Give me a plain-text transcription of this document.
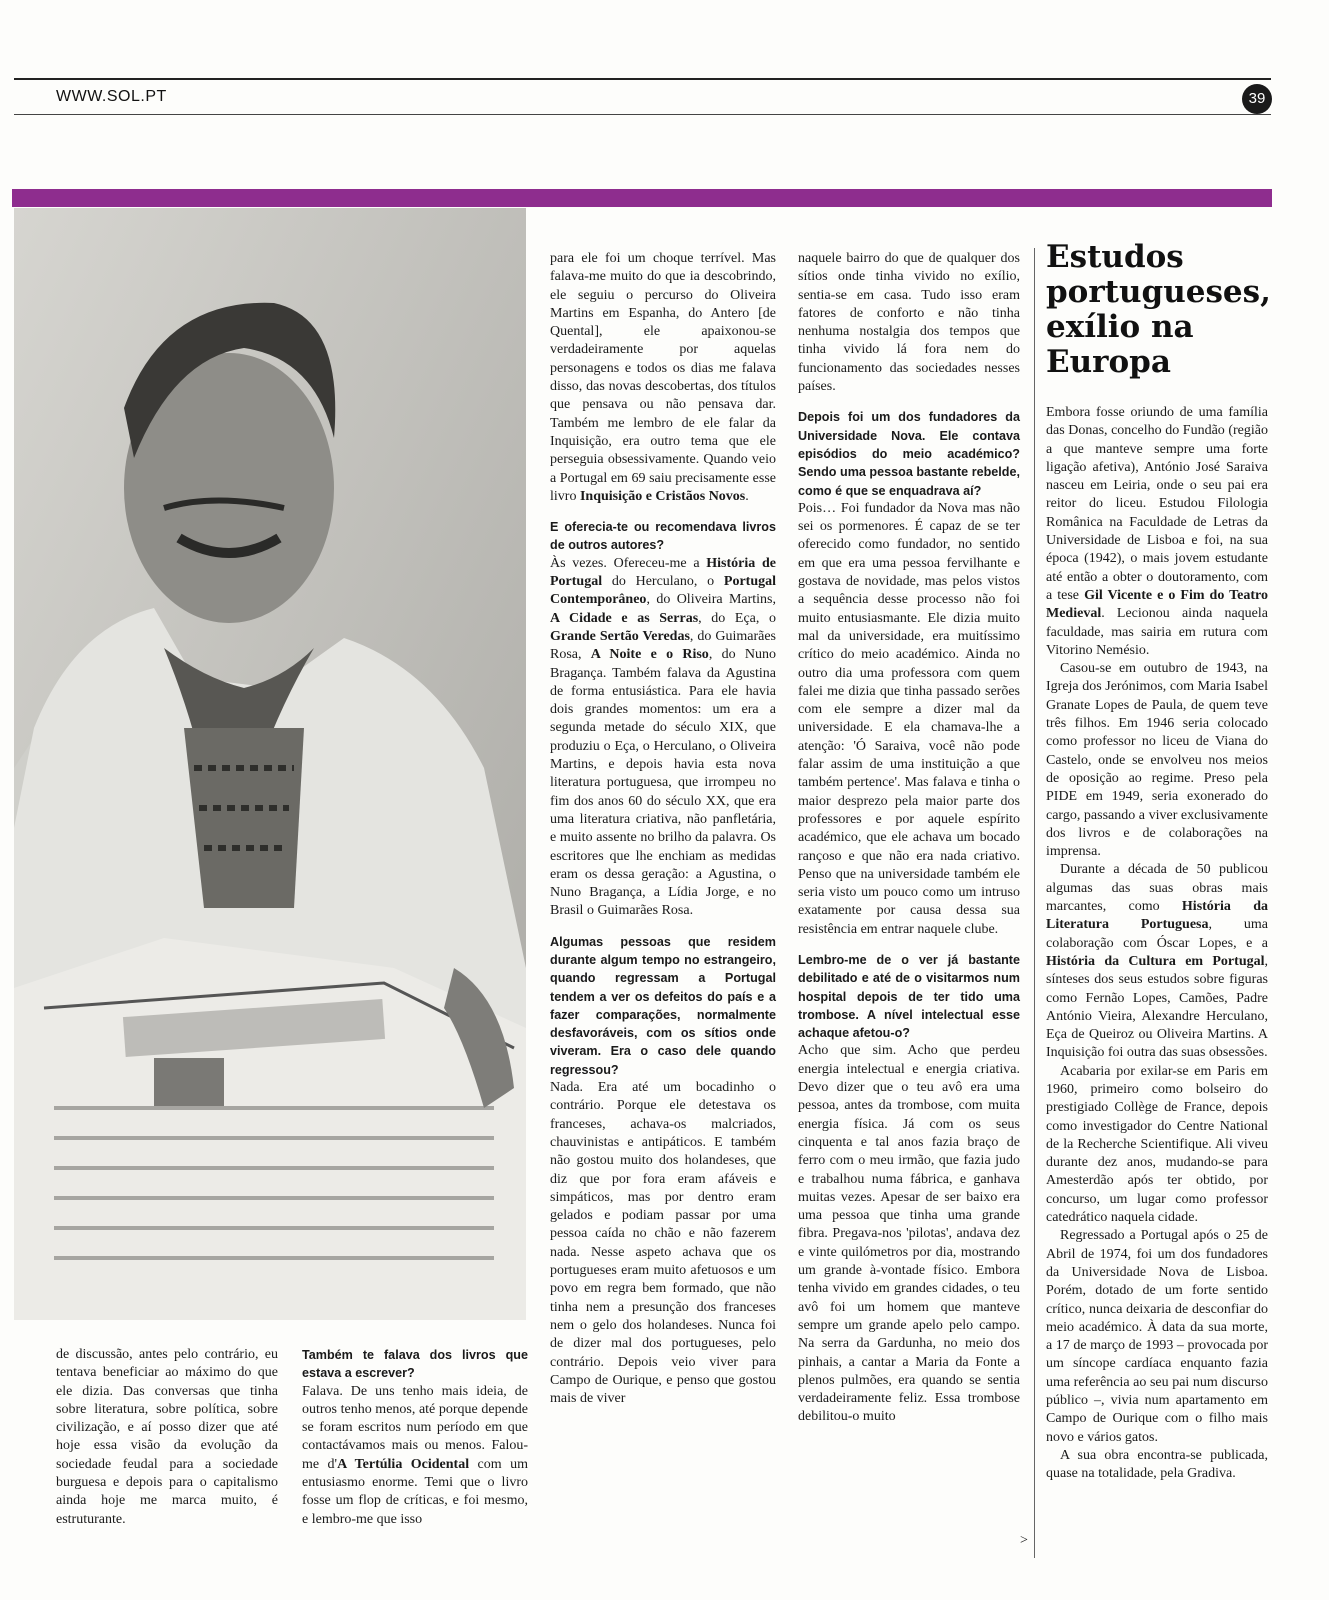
WWW.SOL.PT	39

de discussão, antes pelo contrário, eu tentava beneficiar ao máximo do que ele dizia. Das conversas que tinha sobre literatura, sobre política, sobre civilização, e aí posso dizer que até hoje essa visão da evolução da sociedade feudal para a sociedade burguesa e depois para o capitalismo ainda hoje me marca muito, é estruturante.

Também te falava dos livros que estava a escrever?

Falava. De uns tenho mais ideia, de outros tenho menos, até porque depende se foram escritos num período em que contactávamos mais ou menos. Falou-me d'A Tertúlia Ocidental com um entusiasmo enorme. Temi que o livro fosse um flop de críticas, e foi mesmo, e lembro-me que isso

para ele foi um choque terrível. Mas falava-me muito do que ia descobrindo, ele seguiu o percurso do Oliveira Martins em Espanha, do Antero [de Quental], ele apaixonou-se verdadeiramente por aquelas personagens e todos os dias me falava disso, das novas descobertas, dos títulos que pensava ou não pensava dar. Também me lembro de ele falar da Inquisição, era outro tema que ele perseguia obsessivamente. Quando veio a Portugal em 69 saiu precisamente esse livro Inquisição e Cristãos Novos.

E oferecia-te ou recomendava livros de outros autores?

Às vezes. Ofereceu-me a História de Portugal do Herculano, o Portugal Contemporâneo, do Oliveira Martins, A Cidade e as Serras, do Eça, o Grande Sertão Veredas, do Guimarães Rosa, A Noite e o Riso, do Nuno Bragança. Também falava da Agustina de forma entusiástica. Para ele havia dois grandes momentos: um era a segunda metade do século XIX, que produziu o Eça, o Herculano, o Oliveira Martins, e depois havia esta nova literatura portuguesa, que irrompeu no fim dos anos 60 do século XX, que era uma literatura criativa, não panfletária, e muito assente no brilho da palavra. Os escritores que lhe enchiam as medidas eram os dessa geração: a Agustina, o Nuno Bragança, a Lídia Jorge, e no Brasil o Guimarães Rosa.

Algumas pessoas que residem durante algum tempo no estrangeiro, quando regressam a Portugal tendem a ver os defeitos do país e a fazer comparações, normalmente desfavoráveis, com os sítios onde viveram. Era o caso dele quando regressou?

Nada. Era até um bocadinho o contrário. Porque ele detestava os franceses, achava-os malcriados, chauvinistas e antipáticos. E também não gostou muito dos holandeses, que diz que por fora eram afáveis e simpáticos, mas por dentro eram gelados e podiam passar por uma pessoa caída no chão e não fazerem nada. Nesse aspeto achava que os portugueses eram muito afetuosos e um povo em regra bem formado, que não tinha nem a presunção dos franceses nem o gelo dos holandeses. Nunca foi de dizer mal dos portugueses, pelo contrário. Depois veio viver para Campo de Ourique, e penso que gostou mais de viver

naquele bairro do que de qualquer dos sítios onde tinha vivido no exílio, sentia-se em casa. Tudo isso eram fatores de conforto e não tinha nenhuma nostalgia dos tempos que tinha vivido lá fora nem do funcionamento das sociedades nesses países.

Depois foi um dos fundadores da Universidade Nova. Ele contava episódios do meio académico? Sendo uma pessoa bastante rebelde, como é que se enquadrava aí?

Pois… Foi fundador da Nova mas não sei os pormenores. É capaz de se ter oferecido como fundador, no sentido em que era uma pessoa fervilhante e gostava de novidade, mas pelos vistos a sequência desse processo não foi muito entusiasmante. Ele dizia muito mal da universidade, era muitíssimo crítico do meio académico. Ainda no outro dia uma professora com quem falei me dizia que tinha passado serões com ele sempre a dizer mal da universidade. E ela chamava-lhe a atenção: 'Ó Saraiva, você não pode falar assim de uma instituição a que também pertence'. Mas falava e tinha o maior desprezo pela maior parte dos professores e por aquele espírito académico, que ele achava um bocado rançoso e que não era nada criativo. Penso que na universidade também ele seria visto um pouco como um intruso exatamente por causa dessa sua resistência em entrar naquele clube.

Lembro-me de o ver já bastante debilitado e até de o visitarmos num hospital depois de ter tido uma trombose. A nível intelectual esse achaque afetou-o?

Acho que sim. Acho que perdeu energia intelectual e energia criativa. Devo dizer que o teu avô era uma pessoa, antes da trombose, com muita energia física. Já com os seus cinquenta e tal anos fazia braço de ferro com o meu irmão, que fazia judo e trabalhou numa fábrica, e ganhava muitas vezes. Apesar de ser baixo era uma pessoa que tinha uma grande fibra. Pregava-nos 'pilotas', andava dez e vinte quilómetros por dia, mostrando um grande à-vontade físico. Embora tenha vivido em grandes cidades, o teu avô foi um homem que manteve sempre um grande apelo pelo campo. Na serra da Gardunha, no meio dos pinhais, a cantar a Maria da Fonte a plenos pulmões, era quando se sentia verdadeiramente feliz. Essa trombose debilitou-o muito

>
Estudos portugueses, exílio na Europa

Embora fosse oriundo de uma família das Donas, concelho do Fundão (região a que manteve sempre uma forte ligação afetiva), António José Saraiva nasceu em Leiria, onde o seu pai era reitor do liceu. Estudou Filologia Românica na Faculdade de Letras da Universidade de Lisboa e foi, na sua época (1942), o mais jovem estudante até então a obter o doutoramento, com a tese Gil Vicente e o Fim do Teatro Medieval. Lecionou ainda naquela faculdade, mas sairia em rutura com Vitorino Nemésio.

Casou-se em outubro de 1943, na Igreja dos Jerónimos, com Maria Isabel Granate Lopes de Paula, de quem teve três filhos. Em 1946 seria colocado como professor no liceu de Viana do Castelo, onde se envolveu nos meios de oposição ao regime. Preso pela PIDE em 1949, seria exonerado do cargo, passando a viver exclusivamente dos livros e de colaborações na imprensa.

Durante a década de 50 publicou algumas das suas obras mais marcantes, como História da Literatura Portuguesa, uma colaboração com Óscar Lopes, e a História da Cultura em Portugal, sínteses dos seus estudos sobre figuras como Fernão Lopes, Camões, Padre António Vieira, Alexandre Herculano, Eça de Queiroz ou Oliveira Martins. A Inquisição foi outra das suas obsessões.

Acabaria por exilar-se em Paris em 1960, primeiro como bolseiro do prestigiado Collège de France, depois como investigador do Centre National de la Recherche Scientifique. Ali viveu durante dez anos, mudando-se para Amesterdão após ter obtido, por concurso, um lugar como professor catedrático naquela cidade.

Regressado a Portugal após o 25 de Abril de 1974, foi um dos fundadores da Universidade Nova de Lisboa. Porém, dotado de um forte sentido crítico, nunca deixaria de desconfiar do meio académico. À data da sua morte, a 17 de março de 1993 – provocada por um síncope cardíaca enquanto fazia uma referência ao seu pai num discurso público –, vivia num apartamento em Campo de Ourique com o filho mais novo e vários gatos.

A sua obra encontra-se publicada, quase na totalidade, pela Gradiva.
